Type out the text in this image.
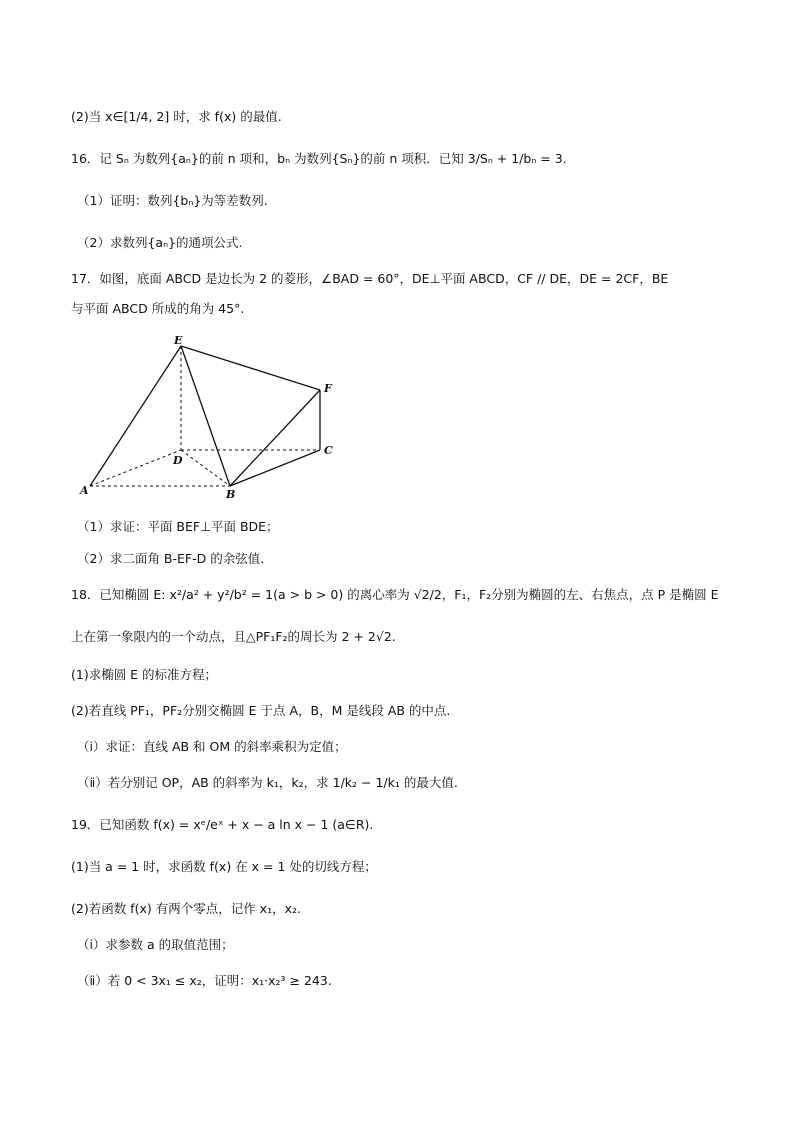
(2)当 x∈[1/4, 2] 时，求 f(x) 的最值.
16．记 Sₙ 为数列{aₙ}的前 n 项和，bₙ 为数列{Sₙ}的前 n 项积．已知 3/Sₙ + 1/bₙ = 3.
（1）证明：数列{bₙ}为等差数列.
（2）求数列{aₙ}的通项公式.
17．如图，底面 ABCD 是边长为 2 的菱形，∠BAD = 60°，DE⊥平面 ABCD，CF // DE，DE = 2CF，BE
与平面 ABCD 所成的角为 45°.
E
F
D
C
A	B
（1）求证：平面 BEF⊥平面 BDE；
（2）求二面角 B-EF-D 的余弦值.
18．已知椭圆 E: x²/a² + y²/b² = 1(a > b > 0) 的离心率为 √2/2，F₁，F₂分别为椭圆的左、右焦点，点 P 是椭圆 E
上在第一象限内的一个动点，且△PF₁F₂的周长为 2 + 2√2.
(1)求椭圆 E 的标准方程；
(2)若直线 PF₁，PF₂分别交椭圆 E 于点 A，B，M 是线段 AB 的中点.
（ⅰ）求证：直线 AB 和 OM 的斜率乘积为定值；
（ⅱ）若分别记 OP，AB 的斜率为 k₁，k₂，求 1/k₂ − 1/k₁ 的最大值.
19．已知函数 f(x) = xᵉ/eˣ + x − a ln x − 1 (a∈R).
(1)当 a = 1 时，求函数 f(x) 在 x = 1 处的切线方程；
(2)若函数 f(x) 有两个零点，记作 x₁，x₂.
（ⅰ）求参数 a 的取值范围；
（ⅱ）若 0 < 3x₁ ≤ x₂，证明：x₁·x₂³ ≥ 243.
